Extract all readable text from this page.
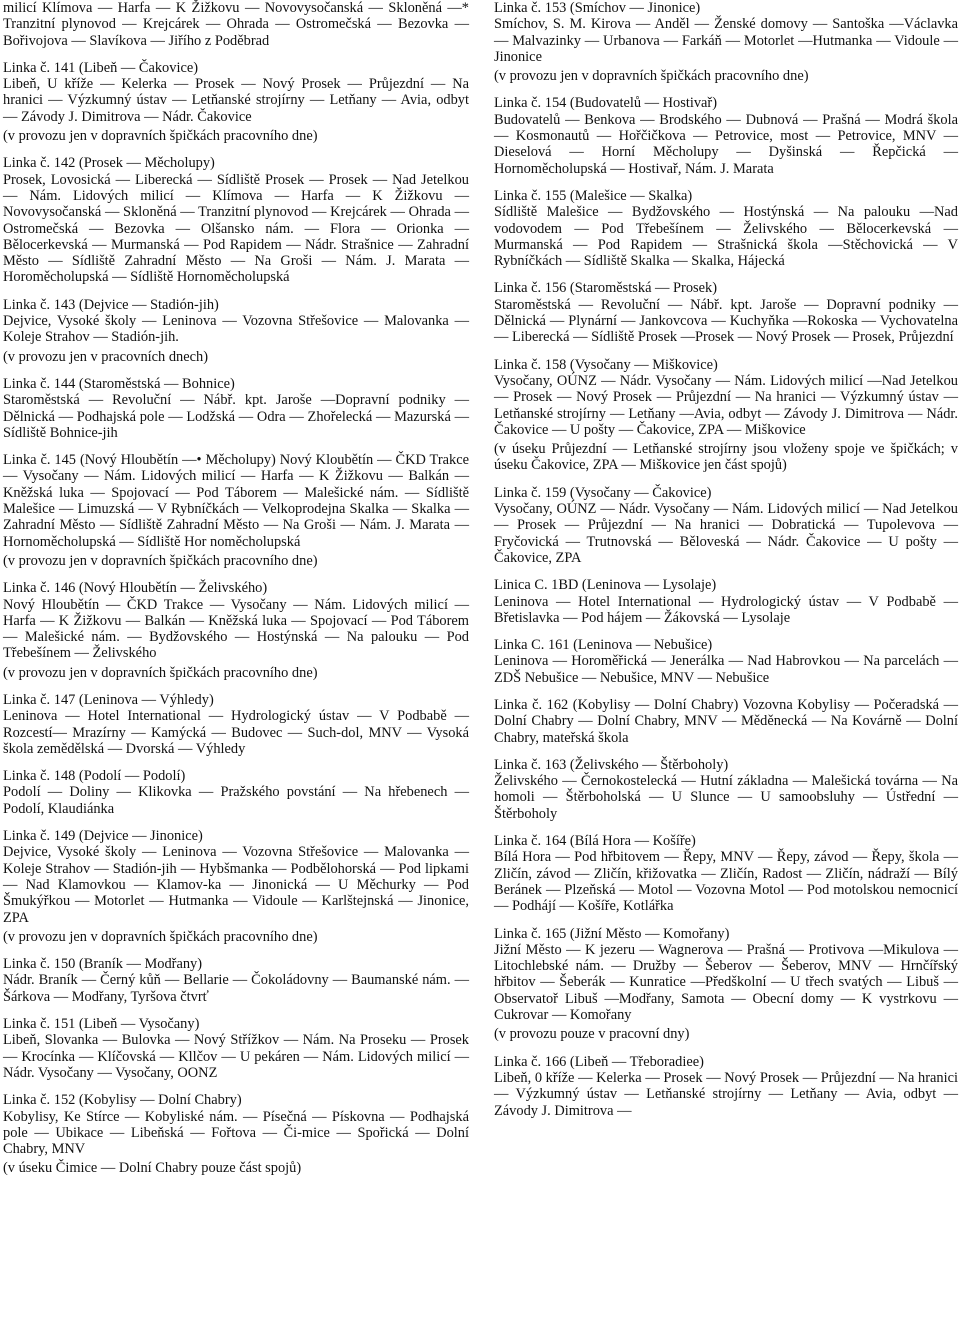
milicí Klímova — Harfa — K Žižkovu — Novovysočanská — Skloněná —* Tranzitní plynovod — Krejcárek — Ohrada — Ostromečská — Bezovka — Bořivojova — Slavíkova — Jiřího z Poděbrad

Linka č. 141 (Libeň — Čakovice)

Libeň, U kříže — Kelerka — Prosek — Nový Prosek — Průjezdní — Na hranici — Výzkumný ústav — Letňanské strojírny — Letňany — Avia, odbyt — Závody J. Dimitrova — Nádr. Čakovice

(v provozu jen v dopravních špičkách pracovního dne)

Linka č. 142 (Prosek — Měcholupy)

Prosek, Lovosická — Liberecká — Sídliště Prosek — Prosek — Nad Jetelkou — Nám. Lidových milicí — Klímova — Harfa — K Žižkovu — Novovysočanská — Skloněná — Tranzitní plynovod — Krejcárek — Ohrada — Ostromečská — Bezovka — Olšansko nám. — Flora — Orionka — Bělocerkevská — Murmanská — Pod Rapidem — Nádr. Strašnice — Zahradní Město — Sídliště Zahradní Město — Na Groši — Nám. J. Marata — Horoměcholupská — Sídliště Hornoměcholupská

Linka č. 143 (Dejvice — Stadión-jih)

Dejvice, Vysoké školy — Leninova — Vozovna Střešovice — Malovanka — Koleje Strahov — Stadión-jih.

(v provozu jen v pracovních dnech)

Linka č. 144 (Staroměstská — Bohnice)

Staroměstská — Revoluční — Nábř. kpt. Jaroše —Dopravní podniky — Dělnická — Podhajská pole — Lodžská — Odra — Zhořelecká — Mazurská — Sídliště Bohnice-jih

Linka č. 145 (Nový Hloubětín —• Měcholupy) Nový Kloubětín — ČKD Trakce — Vysočany — Nám. Lidových milicí — Harfa — K Žižkovu — Balkán — Kněžská luka — Spojovací — Pod Táborem — Malešické nám. — Sídliště Malešice — Limuzská — V Rybníčkách — Velkoprodejna Skalka — Skalka — Zahradní Město — Sídliště Zahradní Město — Na Groši — Nám. J. Marata — Hornoměcholupská — Sídliště Hor noměcholupská

(v provozu jen v dopravních špičkách pracovního dne)

Linka č. 146 (Nový Hloubětín — Želivského)

Nový Hloubětín — ČKD Trakce — Vysočany — Nám. Lidových milicí — Harfa — K Žižkovu — Balkán — Kněžská luka — Spojovací — Pod Táborem — Malešické nám. — Bydžovského — Hostýnská — Na palouku — Pod Třebešínem — Želivského

(v provozu jen v dopravních špičkách pracovního dne)

Linka č. 147 (Leninova — Výhledy)

Leninova — Hotel International — Hydrologický ústav — V Podbabě — Rozcestí— Mrazírny — Kamýcká — Budovec — Such-dol, MNV — Vysoká škola zemědělská — Dvorská — Výhledy

Linka č. 148 (Podolí — Podolí)

Podolí — Doliny — Klikovka — Pražského povstání — Na hřebenech — Podolí, Klaudiánka

Linka č. 149 (Dejvice — Jinonice)

Dejvice, Vysoké školy — Leninova — Vozovna Střešovice — Malovanka — Koleje Strahov — Stadión-jih — Hybšmanka — Podbělohorská — Pod lipkami — Nad Klamovkou — Klamov-ka — Jinonická — U Měchurky — Pod Šmukýřkou — Motorlet — Hutmanka — Vidoule — Karlštejnská — Jinonice, ZPA

(v provozu jen v dopravních špičkách pracovního dne)

Linka č. 150 (Braník — Modřany)

Nádr. Braník — Černý kůň — Bellarie — Čokoládovny — Baumanské nám. — Šárkova — Modřany, Tyršova čtvrť

Linka č. 151 (Libeň — Vysočany)

Libeň, Slovanka — Bulovka — Nový Střížkov — Nám. Na Proseku — Prosek — Krocínka — Klíčovská — Kllčov — U pekáren — Nám. Lidových milicí — Nádr. Vysočany — Vysočany, OONZ

Linka č. 152 (Kobylisy — Dolní Chabry)

Kobylisy, Ke Stírce — Kobyliské nám. — Písečná — Pískovna — Podhajská pole — Ubikace — Libeňská — Fořtova — Či-mice — Spořická — Dolní Chabry, MNV

(v úseku Čimice — Dolní Chabry pouze část spojů)

Linka č. 153 (Smíchov — Jinonice)

Smíchov, S. M. Kirova — Anděl — Ženské domovy — Santoška —Václavka — Malvazinky — Urbanova — Farkáň — Motorlet —Hutmanka — Vidoule — Jinonice

(v provozu jen v dopravních špičkách pracovního dne)

Linka č. 154 (Budovatelů — Hostivař)

Budovatelů — Benkova — Brodského — Dubnová — Prašná — Modrá škola — Kosmonautů — Hořčičkova — Petrovice, most — Petrovice, MNV — Dieselová — Horní Měcholupy — Dyšinská — Řepčická — Hornoměcholupská — Hostivař, Nám. J. Marata

Linka č. 155 (Malešice — Skalka)

Sídliště Malešice — Bydžovského — Hostýnská — Na palouku —Nad vodovodem — Pod Třebešínem — Želivského — Bělocerkevská — Murmanská — Pod Rapidem — Strašnická škola —Stěchovická — V Rybníčkách — Sídliště Skalka — Skalka, Hájecká

Linka č. 156 (Staroměstská — Prosek)

Staroměstská — Revoluční — Nábř. kpt. Jaroše — Dopravní podniky — Dělnická — Plynární — Jankovcova — Kuchyňka —Rokoska — Vychovatelna — Liberecká — Sídliště Prosek —Prosek — Nový Prosek — Prosek, Průjezdní

Linka č. 158 (Vysočany — Miškovice)

Vysočany, OÚNZ — Nádr. Vysočany — Nám. Lidových milicí —Nad Jetelkou — Prosek — Nový Prosek — Průjezdní — Na hranici — Výzkumný ústav — Letňanské strojírny — Letňany —Avia, odbyt — Závody J. Dimitrova — Nádr. Čakovice — U pošty — Čakovice, ZPA — Miškovice

(v úseku Průjezdní — Letňanské strojírny jsou vloženy spoje ve špičkách; v úseku Čakovice, ZPA — Miškovice jen část spojů)

Linka č. 159 (Vysočany — Čakovice)

Vysočany, OÚNZ — Nádr. Vysočany — Nám. Lidových milicí — Nad Jetelkou — Prosek — Průjezdní — Na hranici — Dobratická — Tupolevova — Fryčovická — Trutnovská — Běloveská — Nádr. Čakovice — U pošty — Čakovice, ZPA

Linica C. 1BD (Leninova — Lysolaje)

Leninova — Hotel International — Hydrologický ústav — V Podbabě — Břetislavka — Pod hájem — Žákovská — Lysolaje

Linka C. 161 (Leninova — Nebušice)

Leninova — Horoměřická — Jenerálka — Nad Habrovkou — Na parcelách — ZDŠ Nebušice — Nebušice, MNV — Nebušice

Linka č. 162 (Kobylisy — Dolní Chabry) Vozovna Kobylisy — Počeradská — Dolní Chabry — Dolní Chabry, MNV — Měděnecká — Na Kovárně — Dolní Chabry, mateřská škola

Linka č. 163 (Želivského — Štěrboholy)

Želivského — Černokostelecká — Hutní základna — Malešická továrna — Na homoli — Štěrboholská — U Slunce — U samoobsluhy — Ústřední — Štěrboholy

Linka č. 164 (Bílá Hora — Košíře)

Bílá Hora — Pod hřbitovem — Řepy, MNV — Řepy, závod — Řepy, škola — Zličín, závod — Zličín, křižovatka — Zličín, Radost — Zličín, nádraží — Bílý Beránek — Plzeňská — Motol — Vozovna Motol — Pod motolskou nemocnicí — Podhájí — Košíře, Kotlářka

Linka č. 165 (Jižní Město — Komořany)

Jižní Město — K jezeru — Wagnerova — Prašná — Protivova —Mikulova — Litochlebské nám. — Družby — Šeberov — Šeberov, MNV — Hrnčířský hřbitov — Šeberák — Kunratice —Předškolní — U třech svatých — Libuš — Observatoř Libuš —Modřany, Samota — Obecní domy — K vystrkovu — Cukrovar — Komořany

(v provozu pouze v pracovní dny)

Linka č. 166 (Libeň — Třeboradiee)

Libeň, 0 kříže — Kelerka — Prosek — Nový Prosek — Průjezdní — Na hranici — Výzkumný ústav — Letňanské strojírny — Letňany — Avia, odbyt — Závody J. Dimitrova —
